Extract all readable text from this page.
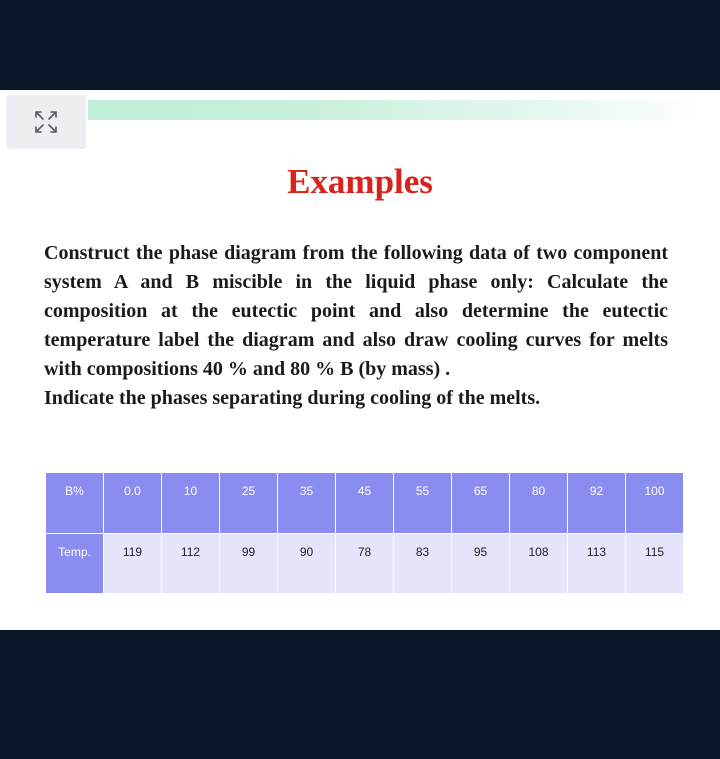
Examples

Construct the phase diagram from the following data of two component system A and B miscible in the liquid phase only: Calculate the composition at the eutectic point and also determine the eutectic temperature label the diagram and also draw cooling curves for melts with compositions 40 % and 80 % B (by mass) .

Indicate the phases separating during cooling of the melts.

B%	0.0	10	25	35	45	55	65	80	92	100
Temp.	119	112	99	90	78	83	95	108	113	115
